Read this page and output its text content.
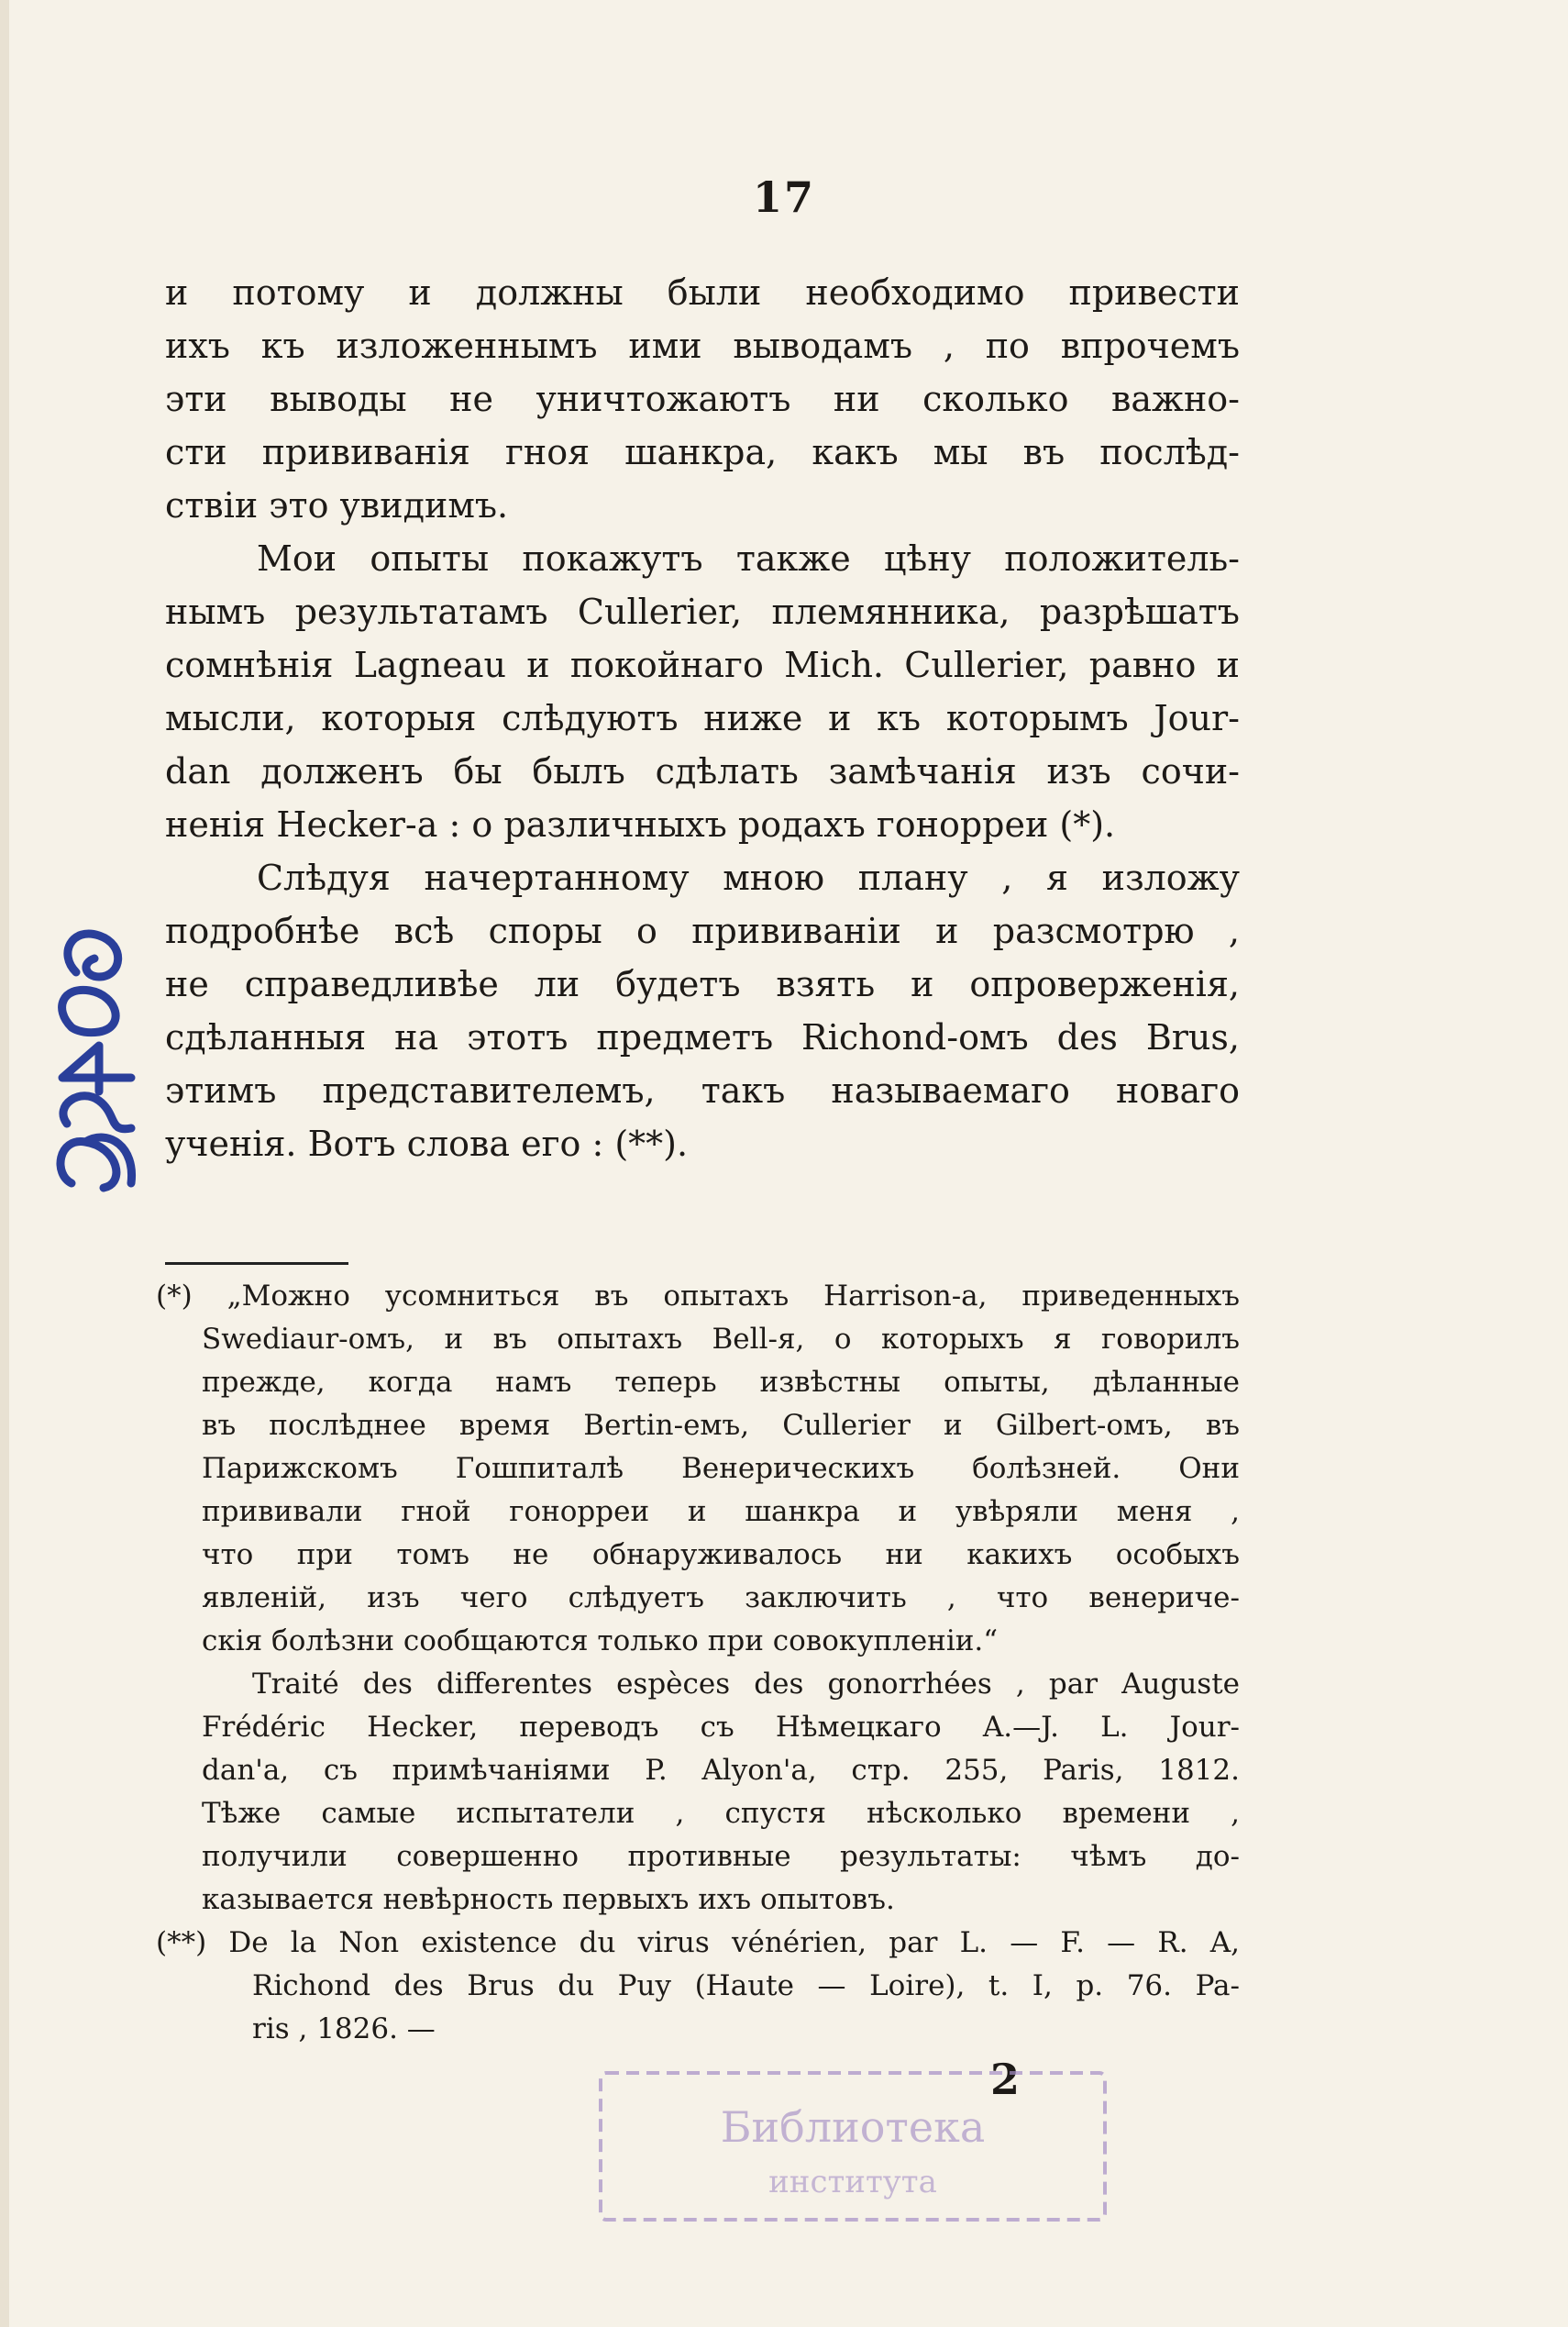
17
и потому и должны были необходимо привести
ихъ къ изложеннымъ ими выводамъ , по впрочемъ
эти выводы не уничтожаютъ ни сколько важно-
сти прививанія гноя шанкра, какъ мы въ послѣд-
ствіи это увидимъ.
Мои опыты покажутъ также цѣну положитель-
нымъ результатамъ Cullerier, племянника, разрѣшатъ
сомнѣнія Lagneau и покойнаго Mich. Cullerier, равно и
мысли, которыя слѣдуютъ ниже и къ которымъ Jour-
dan долженъ бы былъ сдѣлать замѣчанія изъ сочи-
ненія Hecker-а : о различныхъ родахъ гонорреи (*).
Слѣдуя начертанному мною плану , я изложу
подробнѣе всѣ споры о прививаніи и разсмотрю ,
не справедливѣе ли будетъ взять и опроверженія,
сдѣланныя на этотъ предметъ Richond-омъ des Brus,
этимъ представителемъ, такъ называемаго новаго
ученія. Вотъ слова его : (**).
(*) „Можно усомниться въ опытахъ Harrison-а, приведенныхъ
Swediaur-омъ, и въ опытахъ Bell-я, о которыхъ я говорилъ
прежде, когда намъ теперь извѣстны опыты, дѣланные
въ послѣднее время Bertin-емъ, Cullerier и Gilbert-омъ, въ
Парижскомъ Гошпиталѣ Венерическихъ болѣзней. Они
прививали гной гонорреи и шанкра и увѣряли меня ,
что при томъ не обнаруживалось ни какихъ особыхъ
явленій, изъ чего слѣдуетъ заключить , что венериче-
скія болѣзни сообщаются только при совокупленіи.“
Traité des differentes espèces des gonorrhées , par Auguste
Frédéric Hecker, переводъ съ Нѣмецкаго A.—J. L. Jour-
dan'а, съ примѣчаніями P. Alyon'а, стр. 255, Paris, 1812.
Тѣже самые испытатели , спустя нѣсколько времени ,
получили совершенно противные результаты: чѣмъ до-
казывается невѣрность первыхъ ихъ опытовъ.
(**) De la Non existence du virus vénérien, par L. — F. — R. A,
Richond des Brus du Puy (Haute — Loire), t. I, p. 76. Pa-
ris , 1826. —
2
Библиотека
института
